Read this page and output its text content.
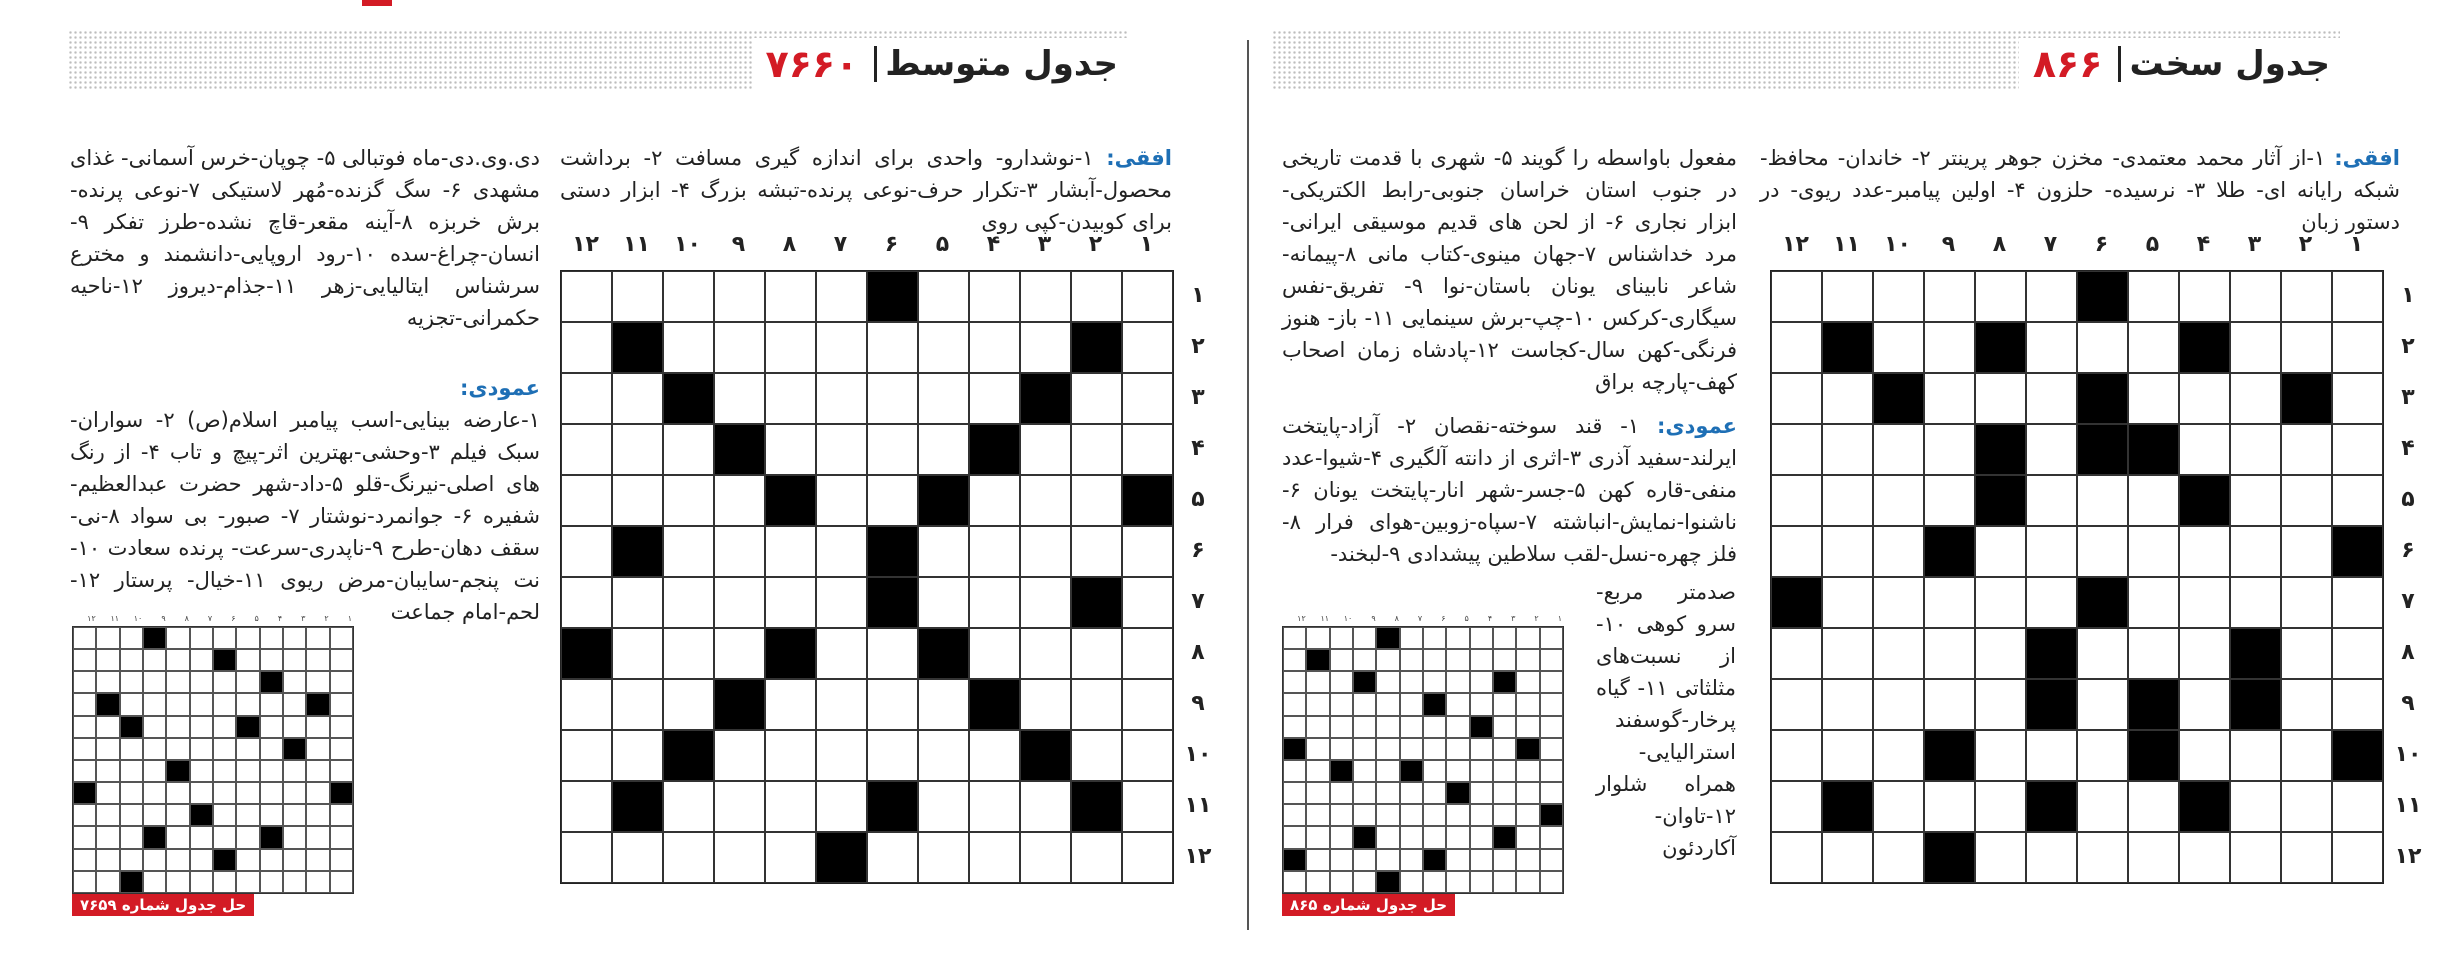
جدول متوسط
۷۶۶۰	جدول سخت
۸۶۶
افقی: ۱-نوشدارو- واحدی برای اندازه گیری مسافت ۲- برداشت محصول-آبشار ۳-تکرار حرف-نوعی پرنده-تبشه بزرگ ۴- ابزار دستی برای کوبیدن-کپی روی
دی.وی.دی-ماه فوتبالی ۵- چوپان-خرس آسمانی- غذای مشهدی ۶- سگ گزنده-مُهر لاستیکی ۷-نوعی پرنده-برش خربزه ۸-آینه مقعر-قاچ نشده-طرز تفکر ۹- انسان-چراغ-سده ۱۰-رود اروپایی-دانشمند و مخترع سرشناس ایتالیایی-زهر ۱۱-جذام-دیروز ۱۲-ناحیه حکمرانی-تجزیه
عمودی:
۱-عارضه بینایی-اسب پیامبر اسلام(ص) ۲- سواران-سبک فیلم ۳-وحشی-بهترین اثر-پیچ و تاب ۴- از رنگ های اصلی-نیرنگ-قلو ۵-داد-شهر حضرت عبدالعظیم-شفیره ۶- جوانمرد-نوشتار ۷- صبور- بی سواد ۸-نی-سقف دهان-طرح ۹-ناپدری-سرعت- پرنده سعادت ۱۰-نت پنجم-سایبان-مرض ریوی ۱۱-خیال- پرستار ۱۲-لحم-امام جماعت
۱
۲
۳
۴
۵
۶
۷
۸
۹
۱۰
۱۱
۱۲
۱
۲
۳
۴
۵
۶
۷
۸
۹
۱۰
۱۱
۱۲
۱
۲
۳
۴
۵
۶
۷
۸
۹
۱۰
۱۱
۱۲
حل جدول شماره ۷۶۵۹
افقی: ۱-از آثار محمد معتمدی- مخزن جوهر پرینتر ۲- خاندان- محافظ- شبکه رایانه ای- طلا ۳- نرسیده- حلزون ۴- اولین پیامبر-عدد ریوی- در دستور زبان
مفعول باواسطه را گویند ۵- شهری با قدمت تاریخی در جنوب استان خراسان جنوبی-رابط الکتریکی- ابزار نجاری ۶- از لحن های قدیم موسیقی ایرانی-مرد خداشناس ۷-جهان مینوی-کتاب مانی ۸-پیمانه-شاعر نابینای یونان باستان-نوا ۹- تفریق-نفس سیگاری-کرکس ۱۰-چپ-برش سینمایی ۱۱- باز- هنوز فرنگی-کهن سال-کجاست ۱۲-پادشاه زمان اصحاب کهف-پارچه براق
عمودی: ۱- قند سوخته-نقصان ۲- آزاد-پایتخت ایرلند-سفید آذری ۳-اثری از دانته آلگیری ۴-شیوا-عدد منفی-قاره کهن ۵-جسر-شهر انار-پایتخت یونان ۶-ناشنوا-نمایش-انباشته ۷-سپاه-زوبین-هوای فرار ۸-فلز چهره-نسل-لقب سلاطین پیشدادی ۹-لبخند-
صدمتر مربع- سرو کوهی ۱۰- از نسبت‌های مثلثاتی ۱۱- گیاه پرخار-گوسفند استرالیایی- همراه شلوار ۱۲-تاوان- آکاردئون
۱
۲
۳
۴
۵
۶
۷
۸
۹
۱۰
۱۱
۱۲
۱
۲
۳
۴
۵
۶
۷
۸
۹
۱۰
۱۱
۱۲
۱
۲
۳
۴
۵
۶
۷
۸
۹
۱۰
۱۱
۱۲
حل جدول شماره ۸۶۵
